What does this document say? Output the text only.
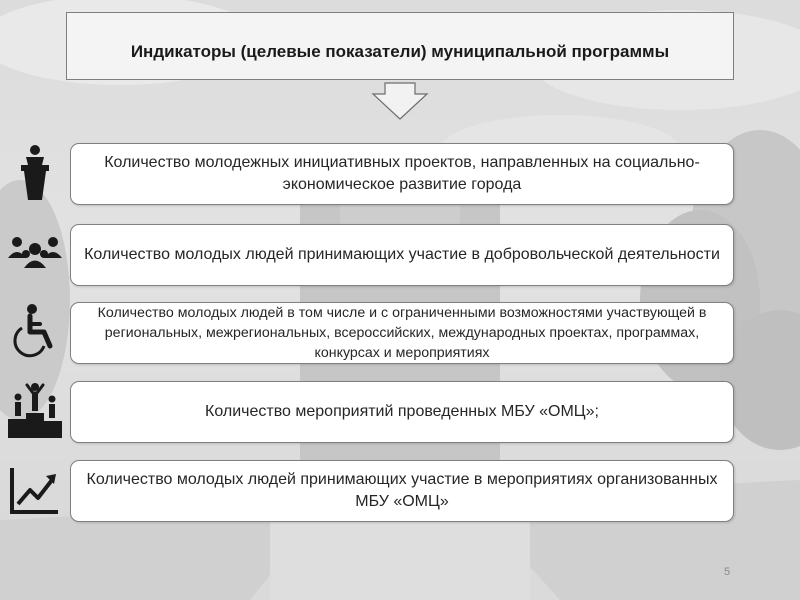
Индикаторы (целевые показатели) муниципальной программы
Количество молодежных инициативных проектов, направленных на социально-экономическое развитие города
Количество молодых людей принимающих участие в добровольческой деятельности
Количество молодых людей в том числе и с ограниченными возможностями участвующей в региональных, межрегиональных, всероссийских, международных проектах, программах, конкурсах и мероприятиях
Количество мероприятий проведенных МБУ «ОМЦ»;
Количество молодых людей принимающих участие в мероприятиях организованных МБУ «ОМЦ»
5
